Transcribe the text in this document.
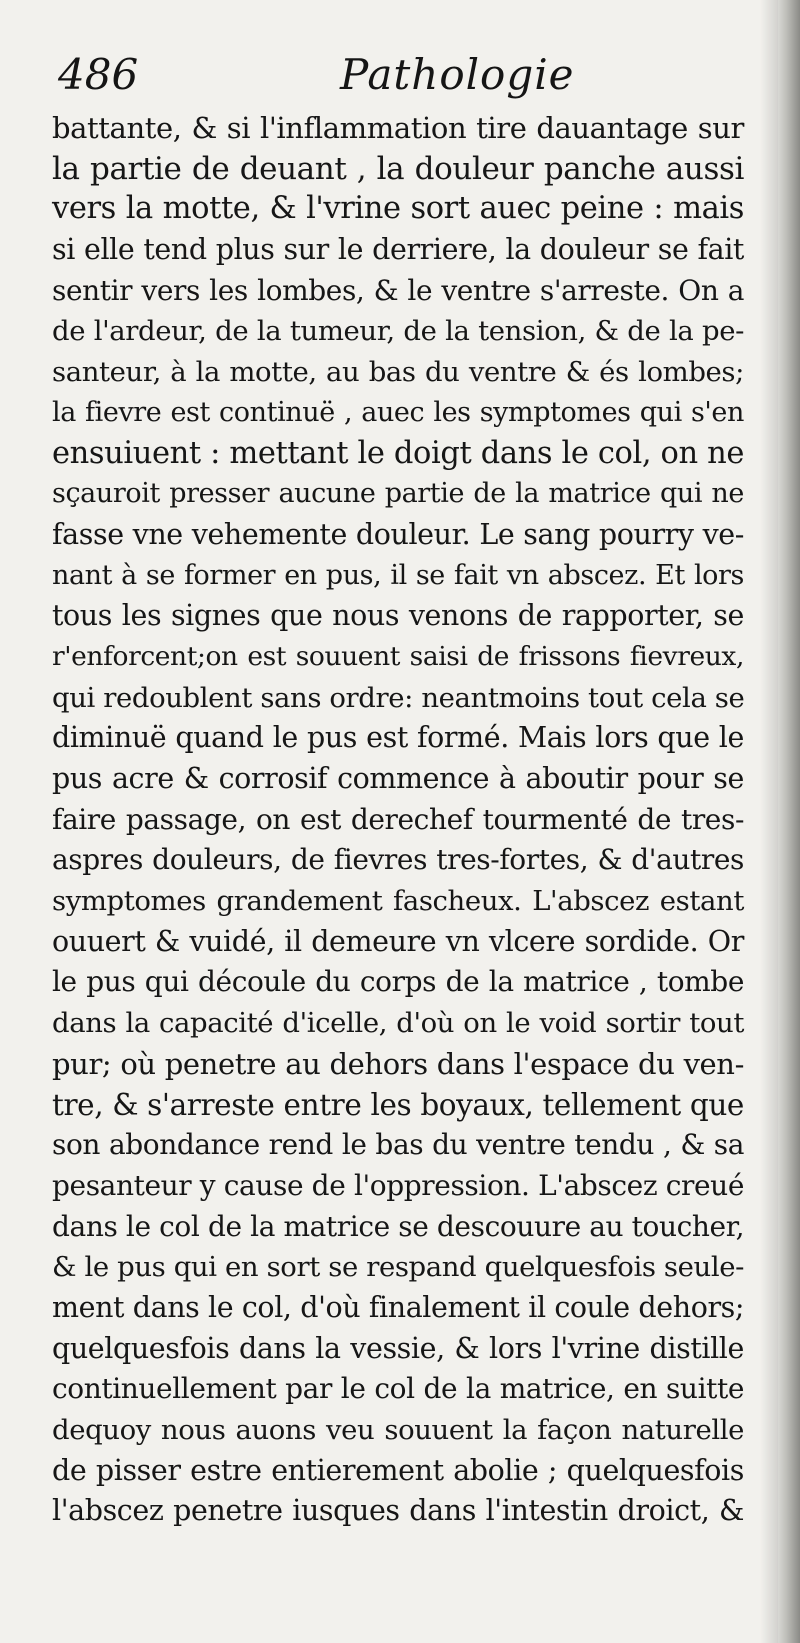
486	Pathologie
battante, & si l'inflammation tire dauantage sur
la partie de deuant , la douleur panche aussi
vers la motte, & l'vrine sort auec peine : mais
si elle tend plus sur le derriere, la douleur se fait
sentir vers les lombes, & le ventre s'arreste. On a
de l'ardeur, de la tumeur, de la tension, & de la pe-
santeur, à la motte, au bas du ventre & és lombes;
la fievre est continuë , auec les symptomes qui s'en
ensuiuent : mettant le doigt dans le col, on ne
sçauroit presser aucune partie de la matrice qui ne
fasse vne vehemente douleur. Le sang pourry ve-
nant à se former en pus, il se fait vn abscez. Et lors
tous les signes que nous venons de rapporter, se
r'enforcent;on est souuent saisi de frissons fievreux,
qui redoublent sans ordre: neantmoins tout cela se
diminuë quand le pus est formé. Mais lors que le
pus acre & corrosif commence à aboutir pour se
faire passage, on est derechef tourmenté de tres-
aspres douleurs, de fievres tres-fortes, & d'autres
symptomes grandement fascheux. L'abscez estant
ouuert & vuidé, il demeure vn vlcere sordide. Or
le pus qui découle du corps de la matrice , tombe
dans la capacité d'icelle, d'où on le void sortir tout
pur; où penetre au dehors dans l'espace du ven-
tre, & s'arreste entre les boyaux, tellement que
son abondance rend le bas du ventre tendu , & sa
pesanteur y cause de l'oppression. L'abscez creué
dans le col de la matrice se descouure au toucher,
& le pus qui en sort se respand quelquesfois seule-
ment dans le col, d'où finalement il coule dehors;
quelquesfois dans la vessie, & lors l'vrine distille
continuellement par le col de la matrice, en suitte
dequoy nous auons veu souuent la façon naturelle
de pisser estre entierement abolie ; quelquesfois
l'abscez penetre iusques dans l'intestin droict, &
